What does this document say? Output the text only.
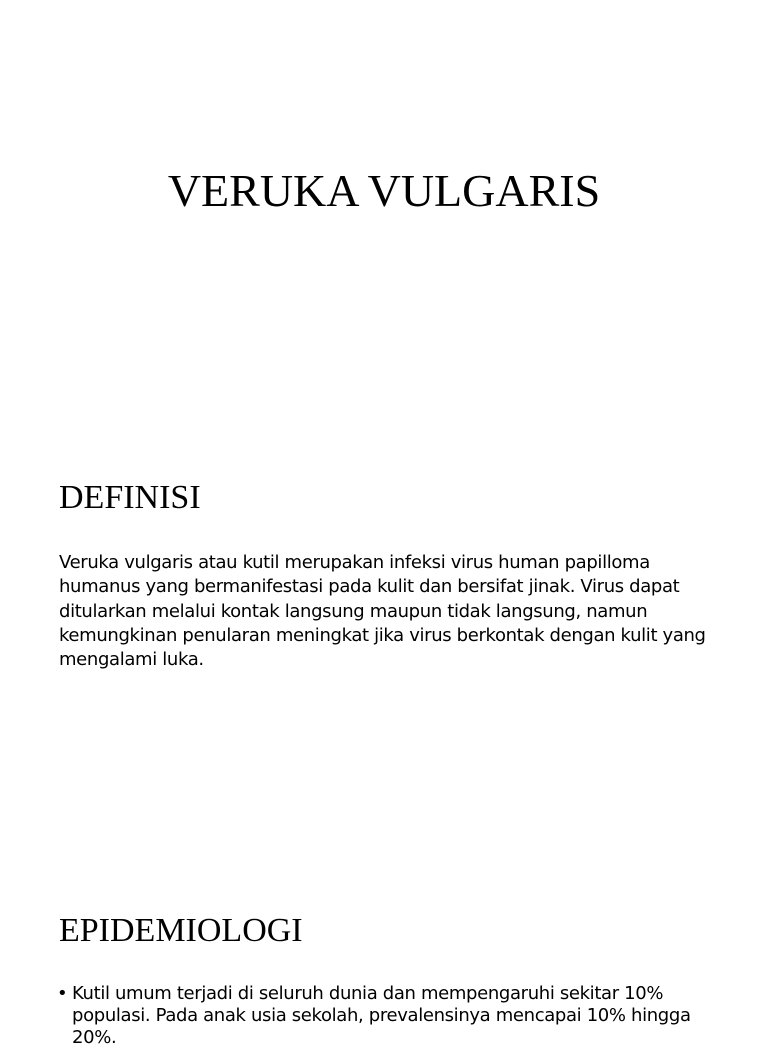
VERUKA VULGARIS
DEFINISI

Veruka vulgaris atau kutil merupakan infeksi virus human papilloma humanus yang bermanifestasi pada kulit dan bersifat jinak. Virus dapat ditularkan melalui kontak langsung maupun tidak langsung, namun kemungkinan penularan meningkat jika virus berkontak dengan kulit yang mengalami luka.

EPIDEMIOLOGI
• Kutil umum terjadi di seluruh dunia dan mempengaruhi sekitar 10% populasi. Pada anak usia sekolah, prevalensinya mencapai 10% hingga 20%.
